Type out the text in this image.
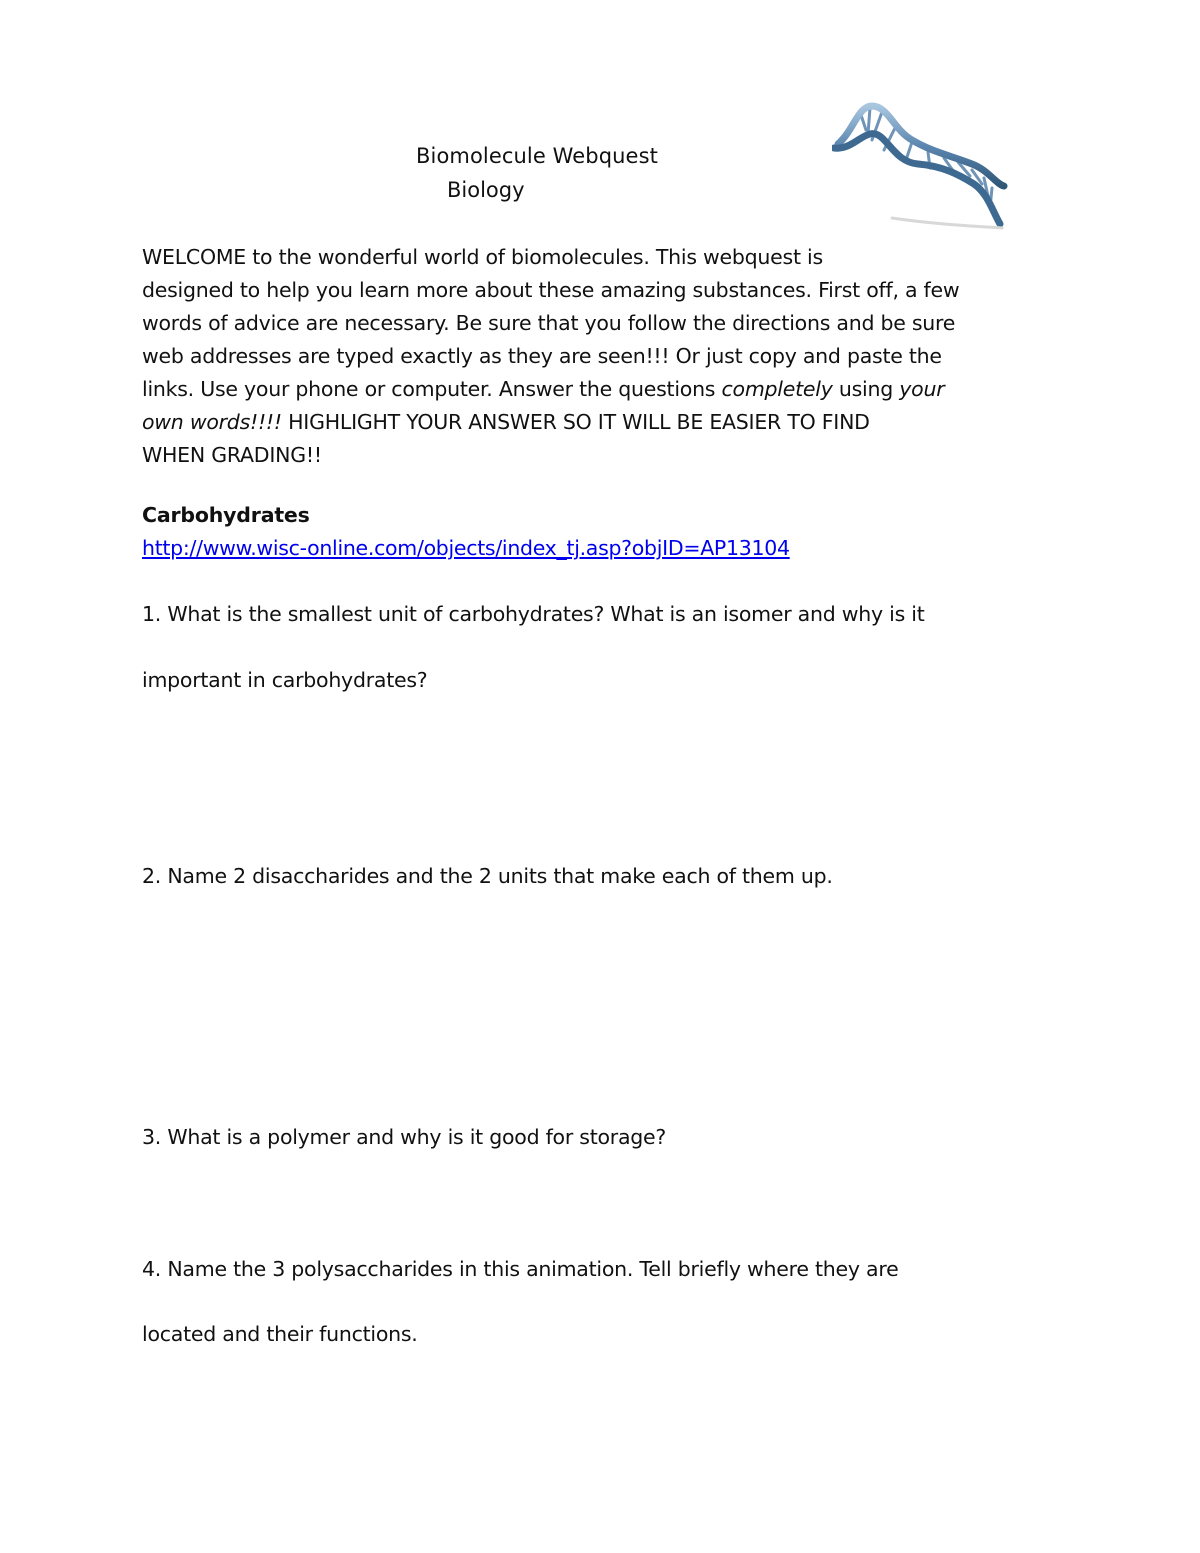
Biomolecule Webquest
Biology
WELCOME to the wonderful world of biomolecules. This webquest is
designed to help you learn more about these amazing substances. First off, a few
words of advice are necessary. Be sure that you follow the directions and be sure
web addresses are typed exactly as they are seen!!! Or just copy and paste the
links. Use your phone or computer. Answer the questions completely using your
own words!!!! HIGHLIGHT YOUR ANSWER SO IT WILL BE EASIER TO FIND
WHEN GRADING!!
Carbohydrates
http://www.wisc-online.com/objects/index_tj.asp?objID=AP13104
1. What is the smallest unit of carbohydrates? What is an isomer and why is it
important in carbohydrates?
2. Name 2 disaccharides and the 2 units that make each of them up.
3. What is a polymer and why is it good for storage?
4. Name the 3 polysaccharides in this animation. Tell briefly where they are
located and their functions.
